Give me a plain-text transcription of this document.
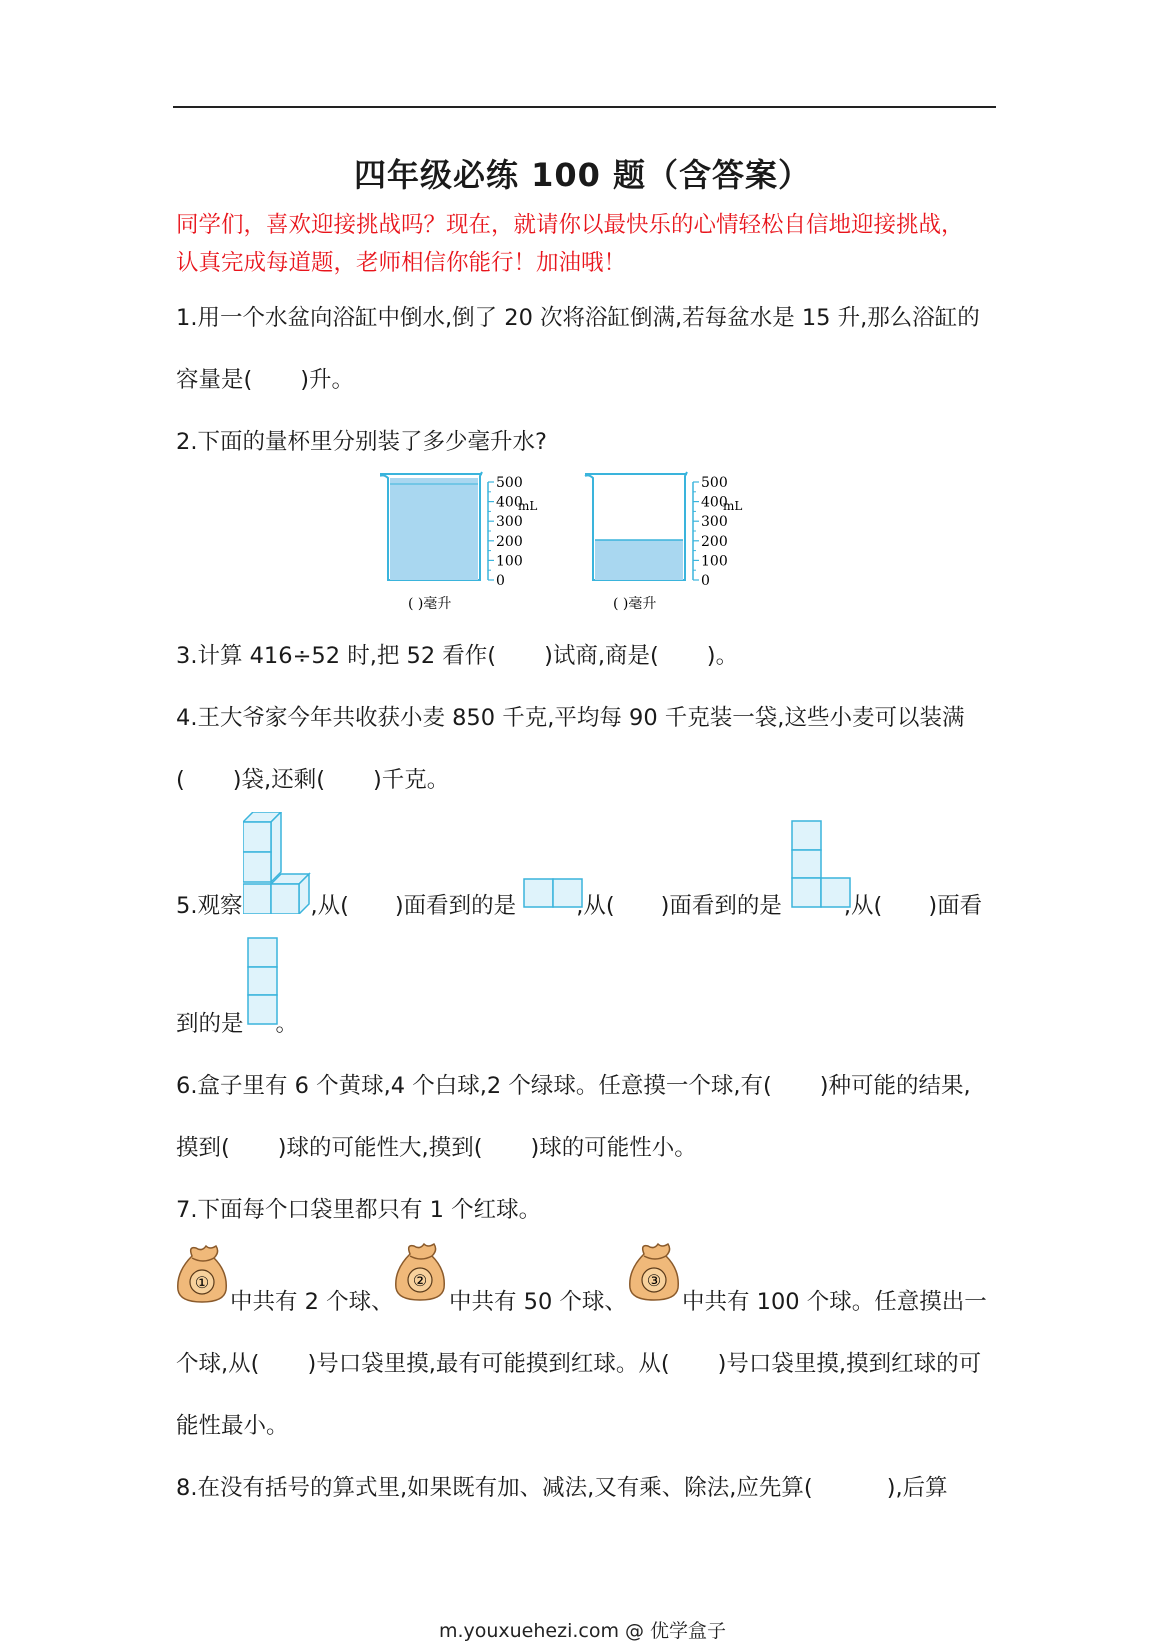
四年级必练 100 题（含答案）
同学们，喜欢迎接挑战吗？现在，就请你以最快乐的心情轻松自信地迎接挑战，
认真完成每道题，老师相信你能行！加油哦！
1.用一个水盆向浴缸中倒水,倒了 20 次将浴缸倒满,若每盆水是 15 升,那么浴缸的
容量是( )升。
2.下面的量杯里分别装了多少毫升水?
500
400
300
200
100
0
mL
( )毫升
500
400
300
200
100
0
mL
( )毫升
3.计算 416÷52 时,把 52 看作( )试商,商是( )。
4.王大爷家今年共收获小麦 850 千克,平均每 90 千克装一袋,这些小麦可以装满
( )袋,还剩( )千克。
5.观察	,从( )面看到的是	,从( )面看到的是	,从( )面看
到的是 。
6.盒子里有 6 个黄球,4 个白球,2 个绿球。任意摸一个球,有( )种可能的结果,
摸到( )球的可能性大,摸到( )球的可能性小。
7.下面每个口袋里都只有 1 个红球。
①	②	③
中共有 2 个球、 中共有 50 个球、 中共有 100 个球。任意摸出一
个球,从( )号口袋里摸,最有可能摸到红球。从( )号口袋里摸,摸到红球的可
能性最小。
8.在没有括号的算式里,如果既有加、减法,又有乘、除法,应先算(	),后算
m.youxuehezi.com @ 优学盒子
